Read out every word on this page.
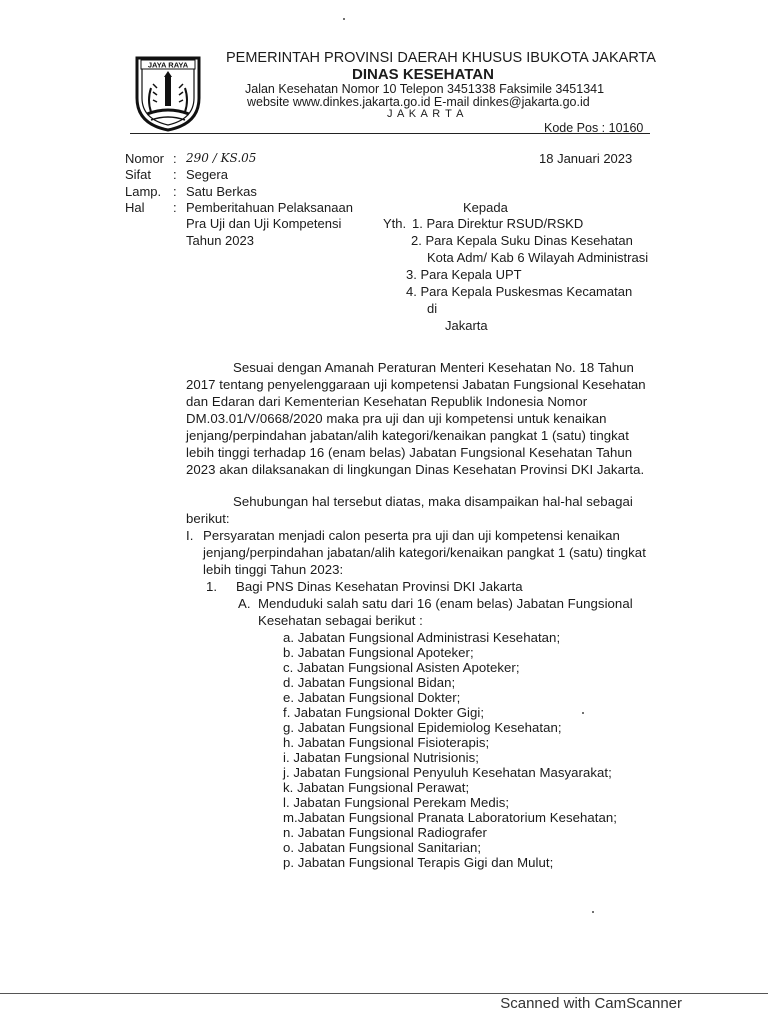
JAYA RAYA	PEMERINTAH PROVINSI DAERAH KHUSUS IBUKOTA JAKARTA
DINAS KESEHATAN
Jalan Kesehatan Nomor 10 Telepon 3451338 Faksimile 3451341
website www.dinkes.jakarta.go.id E-mail dinkes@jakarta.go.id
J A K A R T A
Kode Pos : 10160
Nomor : 290 / KS.05	18 Januari 2023
Sifat : Segera
Lamp. : Satu Berkas
Hal : Pemberitahuan Pelaksanaan
Pra Uji dan Uji Kompetensi
Tahun 2023
Kepada
Yth. 1. Para Direktur RSUD/RSKD
2. Para Kepala Suku Dinas Kesehatan
Kota Adm/ Kab 6 Wilayah Administrasi
3. Para Kepala UPT
4. Para Kepala Puskesmas Kecamatan
di
Jakarta
Sesuai dengan Amanah Peraturan Menteri Kesehatan No. 18 Tahun
2017 tentang penyelenggaraan uji kompetensi Jabatan Fungsional Kesehatan
dan Edaran dari Kementerian Kesehatan Republik Indonesia Nomor
DM.03.01/V/0668/2020 maka pra uji dan uji kompetensi untuk kenaikan
jenjang/perpindahan jabatan/alih kategori/kenaikan pangkat 1 (satu) tingkat
lebih tinggi terhadap 16 (enam belas) Jabatan Fungsional Kesehatan Tahun
2023 akan dilaksanakan di lingkungan Dinas Kesehatan Provinsi DKI Jakarta.
Sehubungan hal tersebut diatas, maka disampaikan hal-hal sebagai
berikut:
I. Persyaratan menjadi calon peserta pra uji dan uji kompetensi kenaikan
jenjang/perpindahan jabatan/alih kategori/kenaikan pangkat 1 (satu) tingkat
lebih tinggi Tahun 2023:
1. Bagi PNS Dinas Kesehatan Provinsi DKI Jakarta
A. Menduduki salah satu dari 16 (enam belas) Jabatan Fungsional
Kesehatan sebagai berikut :
a. Jabatan Fungsional Administrasi Kesehatan;
b. Jabatan Fungsional Apoteker;
c. Jabatan Fungsional Asisten Apoteker;
d. Jabatan Fungsional Bidan;
e. Jabatan Fungsional Dokter;
f. Jabatan Fungsional Dokter Gigi;
g. Jabatan Fungsional Epidemiolog Kesehatan;
h. Jabatan Fungsional Fisioterapis;
i. Jabatan Fungsional Nutrisionis;
j. Jabatan Fungsional Penyuluh Kesehatan Masyarakat;
k. Jabatan Fungsional Perawat;
l. Jabatan Fungsional Perekam Medis;
m.Jabatan Fungsional Pranata Laboratorium Kesehatan;
n. Jabatan Fungsional Radiografer
o. Jabatan Fungsional Sanitarian;
p. Jabatan Fungsional Terapis Gigi dan Mulut;
Scanned with CamScanner
